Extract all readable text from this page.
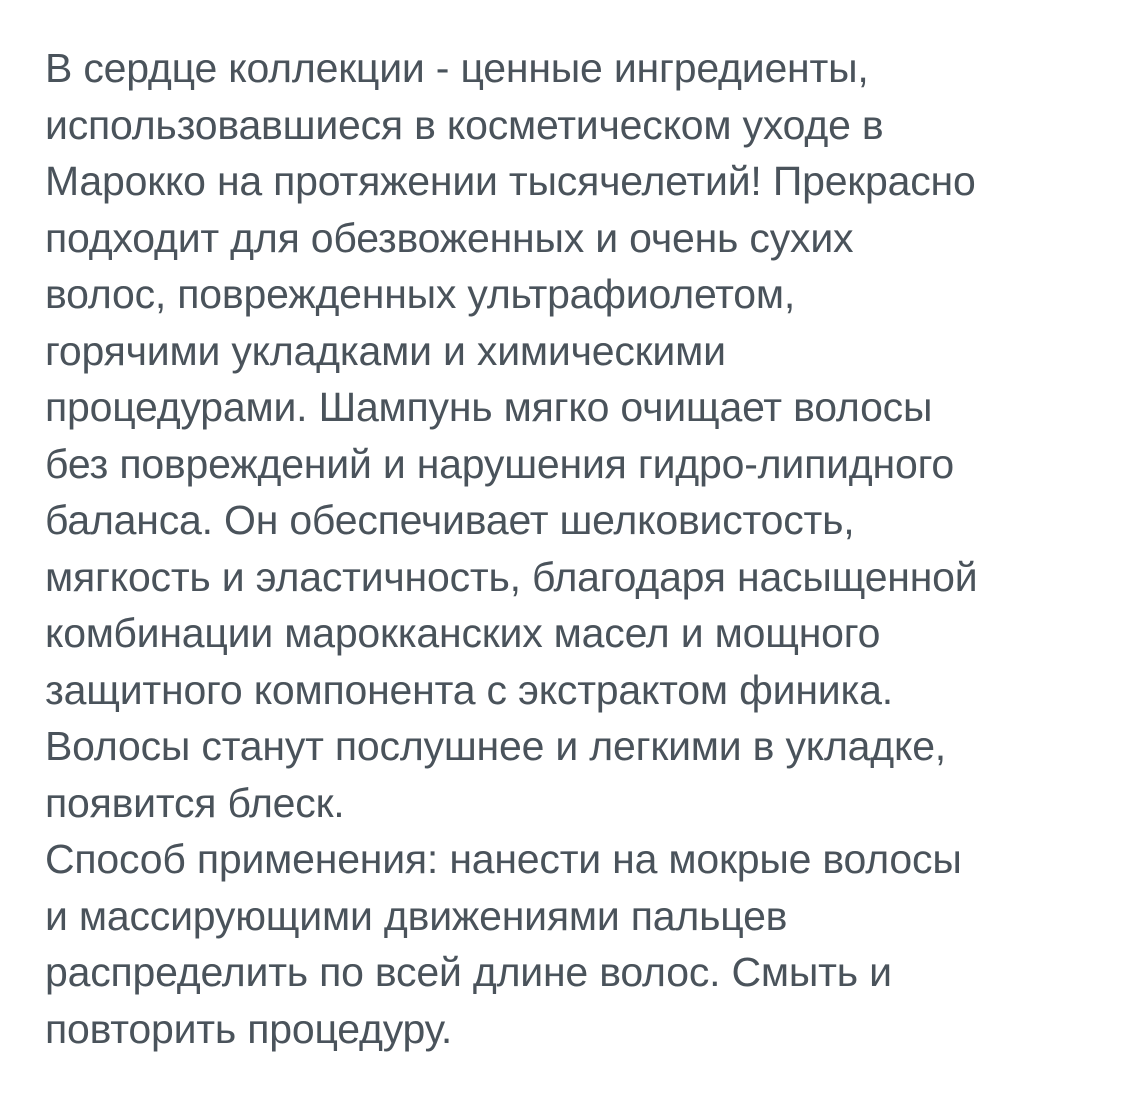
В сердце коллекции - ценные ингредиенты,
использовавшиеся в косметическом уходе в
Марокко на протяжении тысячелетий! Прекрасно
подходит для обезвоженных и очень сухих
волос, поврежденных ультрафиолетом,
горячими укладками и химическими
процедурами. Шампунь мягко очищает волосы
без повреждений и нарушения гидро-липидного
баланса. Он обеспечивает шелковистость,
мягкость и эластичность, благодаря насыщенной
комбинации марокканских масел и мощного
защитного компонента с экстрактом финика.
Волосы станут послушнее и легкими в укладке,
появится блеск.
Способ применения: нанести на мокрые волосы
и массирующими движениями пальцев
распределить по всей длине волос. Смыть и
повторить процедуру.
